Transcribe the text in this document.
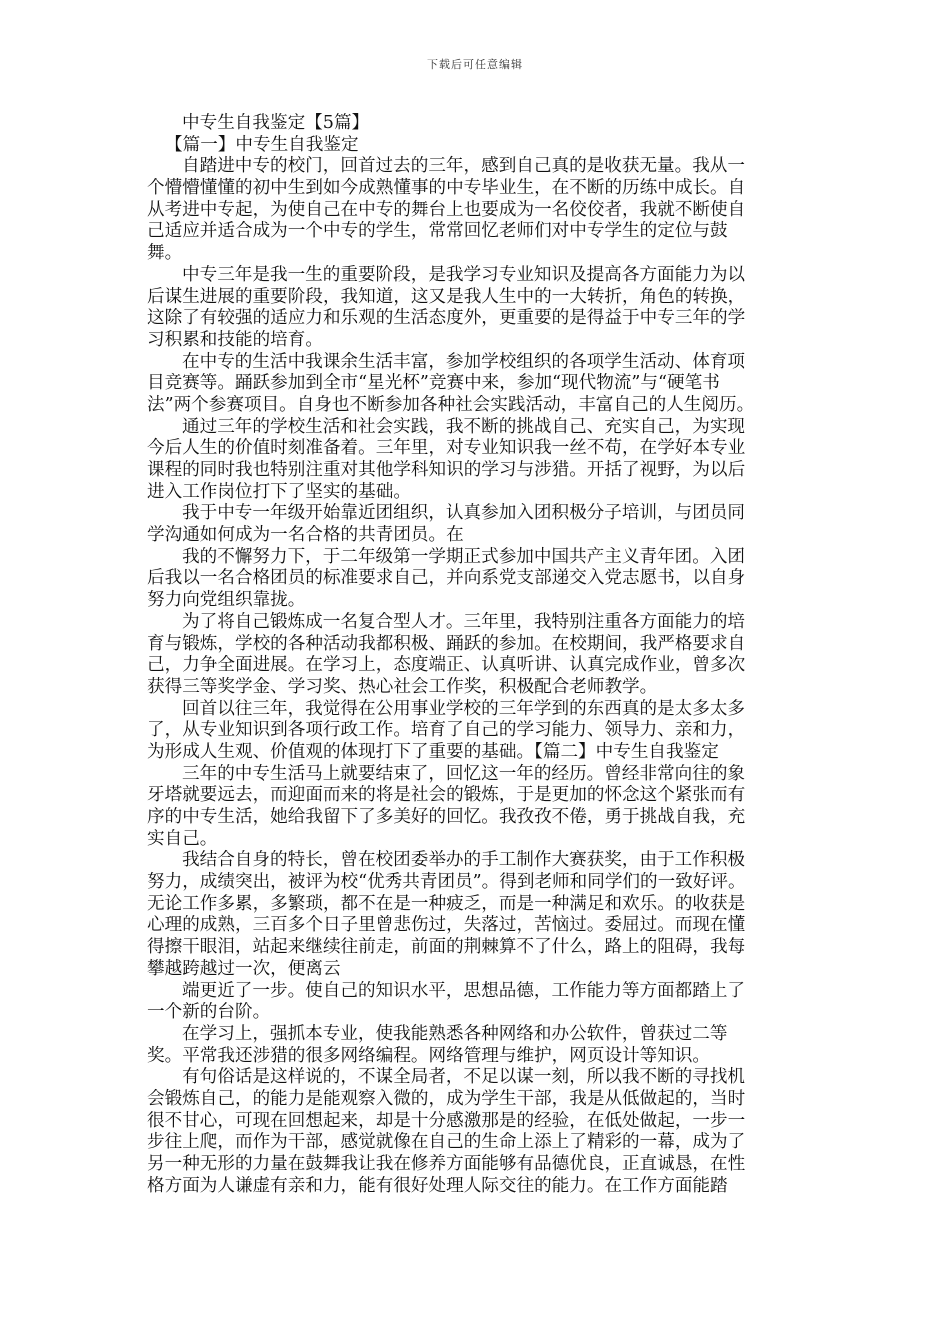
下载后可任意编辑
中专生自我鉴定【5篇】
【篇一】中专生自我鉴定
自踏进中专的校门，回首过去的三年，感到自己真的是收获无量。我从一
个懵懵懂懂的初中生到如今成熟懂事的中专毕业生，在不断的历练中成长。自
从考进中专起，为使自己在中专的舞台上也要成为一名佼佼者，我就不断使自
己适应并适合成为一个中专的学生，常常回忆老师们对中专学生的定位与鼓
舞。
中专三年是我一生的重要阶段，是我学习专业知识及提高各方面能力为以
后谋生进展的重要阶段，我知道，这又是我人生中的一大转折，角色的转换，
这除了有较强的适应力和乐观的生活态度外，更重要的是得益于中专三年的学
习积累和技能的培育。
在中专的生活中我课余生活丰富，参加学校组织的各项学生活动、体育项
目竞赛等。踊跃参加到全市“星光杯”竞赛中来，参加“现代物流”与“硬笔书
法”两个参赛项目。自身也不断参加各种社会实践活动，丰富自己的人生阅历。
通过三年的学校生活和社会实践，我不断的挑战自己、充实自己，为实现
今后人生的价值时刻准备着。三年里，对专业知识我一丝不苟，在学好本专业
课程的同时我也特别注重对其他学科知识的学习与涉猎。开括了视野，为以后
进入工作岗位打下了坚实的基础。
我于中专一年级开始靠近团组织，认真参加入团积极分子培训，与团员同
学沟通如何成为一名合格的共青团员。在
我的不懈努力下，于二年级第一学期正式参加中国共产主义青年团。入团
后我以一名合格团员的标准要求自己，并向系党支部递交入党志愿书，以自身
努力向党组织靠拢。
为了将自己锻炼成一名复合型人才。三年里，我特别注重各方面能力的培
育与锻炼，学校的各种活动我都积极、踊跃的参加。在校期间，我严格要求自
己，力争全面进展。在学习上，态度端正、认真听讲、认真完成作业，曾多次
获得三等奖学金、学习奖、热心社会工作奖，积极配合老师教学。
回首以往三年，我觉得在公用事业学校的三年学到的东西真的是太多太多
了，从专业知识到各项行政工作。培育了自己的学习能力、领导力、亲和力，
为形成人生观、价值观的体现打下了重要的基础。【篇二】中专生自我鉴定
三年的中专生活马上就要结束了，回忆这一年的经历。曾经非常向往的象
牙塔就要远去，而迎面而来的将是社会的锻炼，于是更加的怀念这个紧张而有
序的中专生活，她给我留下了多美好的回忆。我孜孜不倦，勇于挑战自我，充
实自己。
我结合自身的特长，曾在校团委举办的手工制作大赛获奖，由于工作积极
努力，成绩突出，被评为校“优秀共青团员”。得到老师和同学们的一致好评。
无论工作多累，多繁琐，都不在是一种疲乏，而是一种满足和欢乐。的收获是
心理的成熟，三百多个日子里曾悲伤过，失落过，苦恼过。委屈过。而现在懂
得擦干眼泪，站起来继续往前走，前面的荆棘算不了什么，路上的阻碍，我每
攀越跨越过一次，便离云
端更近了一步。使自己的知识水平，思想品德，工作能力等方面都踏上了
一个新的台阶。
在学习上，强抓本专业，使我能熟悉各种网络和办公软件，曾获过二等
奖。平常我还涉猎的很多网络编程。网络管理与维护，网页设计等知识。
有句俗话是这样说的，不谋全局者，不足以谋一刻，所以我不断的寻找机
会锻炼自己，的能力是能观察入微的，成为学生干部，我是从低做起的，当时
很不甘心，可现在回想起来，却是十分感激那是的经验，在低处做起，一步一
步往上爬，而作为干部，感觉就像在自己的生命上添上了精彩的一幕，成为了
另一种无形的力量在鼓舞我让我在修养方面能够有品德优良，正直诚恳，在性
格方面为人谦虚有亲和力，能有很好处理人际交往的能力。在工作方面能踏
